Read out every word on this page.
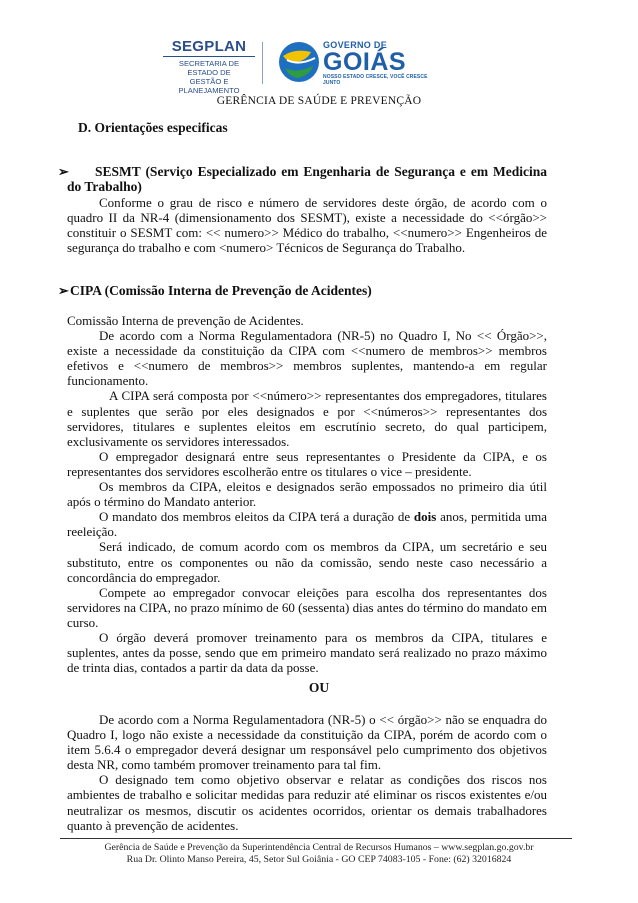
SEGPLAN
SECRETARIA DE ESTADO DE
GESTÃO E PLANEJAMENTO
GOVERNO DE
GOIÁS
NOSSO ESTADO CRESCE, VOCÊ CRESCE JUNTO
GERÊNCIA DE SAÚDE E PREVENÇÃO
D. Orientações especificas
➢	SESMT (Serviço Especializado em Engenharia de Segurança e em Medicina do Trabalho)
Conforme o grau de risco e número de servidores deste órgão, de acordo com o quadro II da NR-4 (dimensionamento dos SESMT), existe a necessidade do <<órgão>> constituir o SESMT com: << numero>> Médico do trabalho, <<numero>> Engenheiros de segurança do trabalho e com <numero> Técnicos de Segurança do Trabalho.
➢ CIPA (Comissão Interna de Prevenção de Acidentes)
Comissão Interna de prevenção de Acidentes.
De acordo com a Norma Regulamentadora (NR-5) no Quadro I, No << Órgão>>, existe a necessidade da constituição da CIPA com <<numero de membros>> membros efetivos e <<numero de membros>> membros suplentes, mantendo-a em regular funcionamento.
A CIPA será composta por <<número>> representantes dos empregadores, titulares e suplentes que serão por eles designados e por <<números>> representantes dos servidores, titulares e suplentes eleitos em escrutínio secreto, do qual participem, exclusivamente os servidores interessados.
O empregador designará entre seus representantes o Presidente da CIPA, e os representantes dos servidores escolherão entre os titulares o vice – presidente.
Os membros da CIPA, eleitos e designados serão empossados no primeiro dia útil após o término do Mandato anterior.
O mandato dos membros eleitos da CIPA terá a duração de dois anos, permitida uma reeleição.
Será indicado, de comum acordo com os membros da CIPA, um secretário e seu substituto, entre os componentes ou não da comissão, sendo neste caso necessário a concordância do empregador.
Compete ao empregador convocar eleições para escolha dos representantes dos servidores na CIPA, no prazo mínimo de 60 (sessenta) dias antes do término do mandato em curso.
O órgão deverá promover treinamento para os membros da CIPA, titulares e suplentes, antes da posse, sendo que em primeiro mandato será realizado no prazo máximo de trinta dias, contados a partir da data da posse.
OU
De acordo com a Norma Regulamentadora (NR-5) o << órgão>> não se enquadra do Quadro I, logo não existe a necessidade da constituição da CIPA, porém de acordo com o item 5.6.4 o empregador deverá designar um responsável pelo cumprimento dos objetivos desta NR, como também promover treinamento para tal fim.
O designado tem como objetivo observar e relatar as condições dos riscos nos ambientes de trabalho e solicitar medidas para reduzir até eliminar os riscos existentes e/ou neutralizar os mesmos, discutir os acidentes ocorridos, orientar os demais trabalhadores quanto à prevenção de acidentes.
Gerência de Saúde e Prevenção da Superintendência Central de Recursos Humanos – www.segplan.go.gov.br
Rua Dr. Olinto Manso Pereira, 45, Setor Sul Goiânia - GO CEP 74083-105 - Fone: (62) 32016824
